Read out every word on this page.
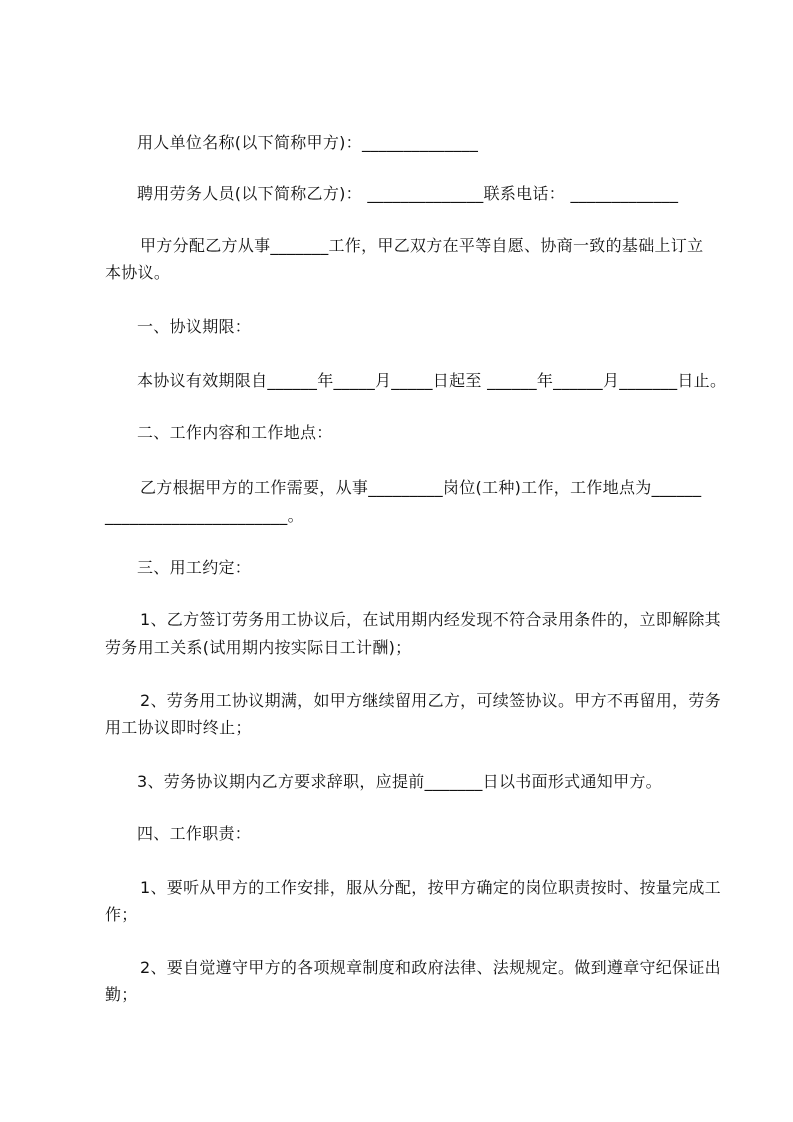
用人单位名称(以下简称甲方)：______________
聘用劳务人员(以下简称乙方)： ______________联系电话： _____________
甲方分配乙方从事_______工作，甲乙双方在平等自愿、协商一致的基础上订立
本协议。
一、协议期限：
本协议有效期限自______年_____月_____日起至 ______年______月_______日止。
二、工作内容和工作地点：
乙方根据甲方的工作需要，从事_________岗位(工种)工作，工作地点为______
______________________。
三、用工约定：
1、乙方签订劳务用工协议后，在试用期内经发现不符合录用条件的，立即解除其
劳务用工关系(试用期内按实际日工计酬)；
2、劳务用工协议期满，如甲方继续留用乙方，可续签协议。甲方不再留用，劳务
用工协议即时终止；
3、劳务协议期内乙方要求辞职，应提前_______日以书面形式通知甲方。
四、工作职责：
1、要听从甲方的工作安排，服从分配，按甲方确定的岗位职责按时、按量完成工
作；
2、要自觉遵守甲方的各项规章制度和政府法律、法规规定。做到遵章守纪保证出
勤；
